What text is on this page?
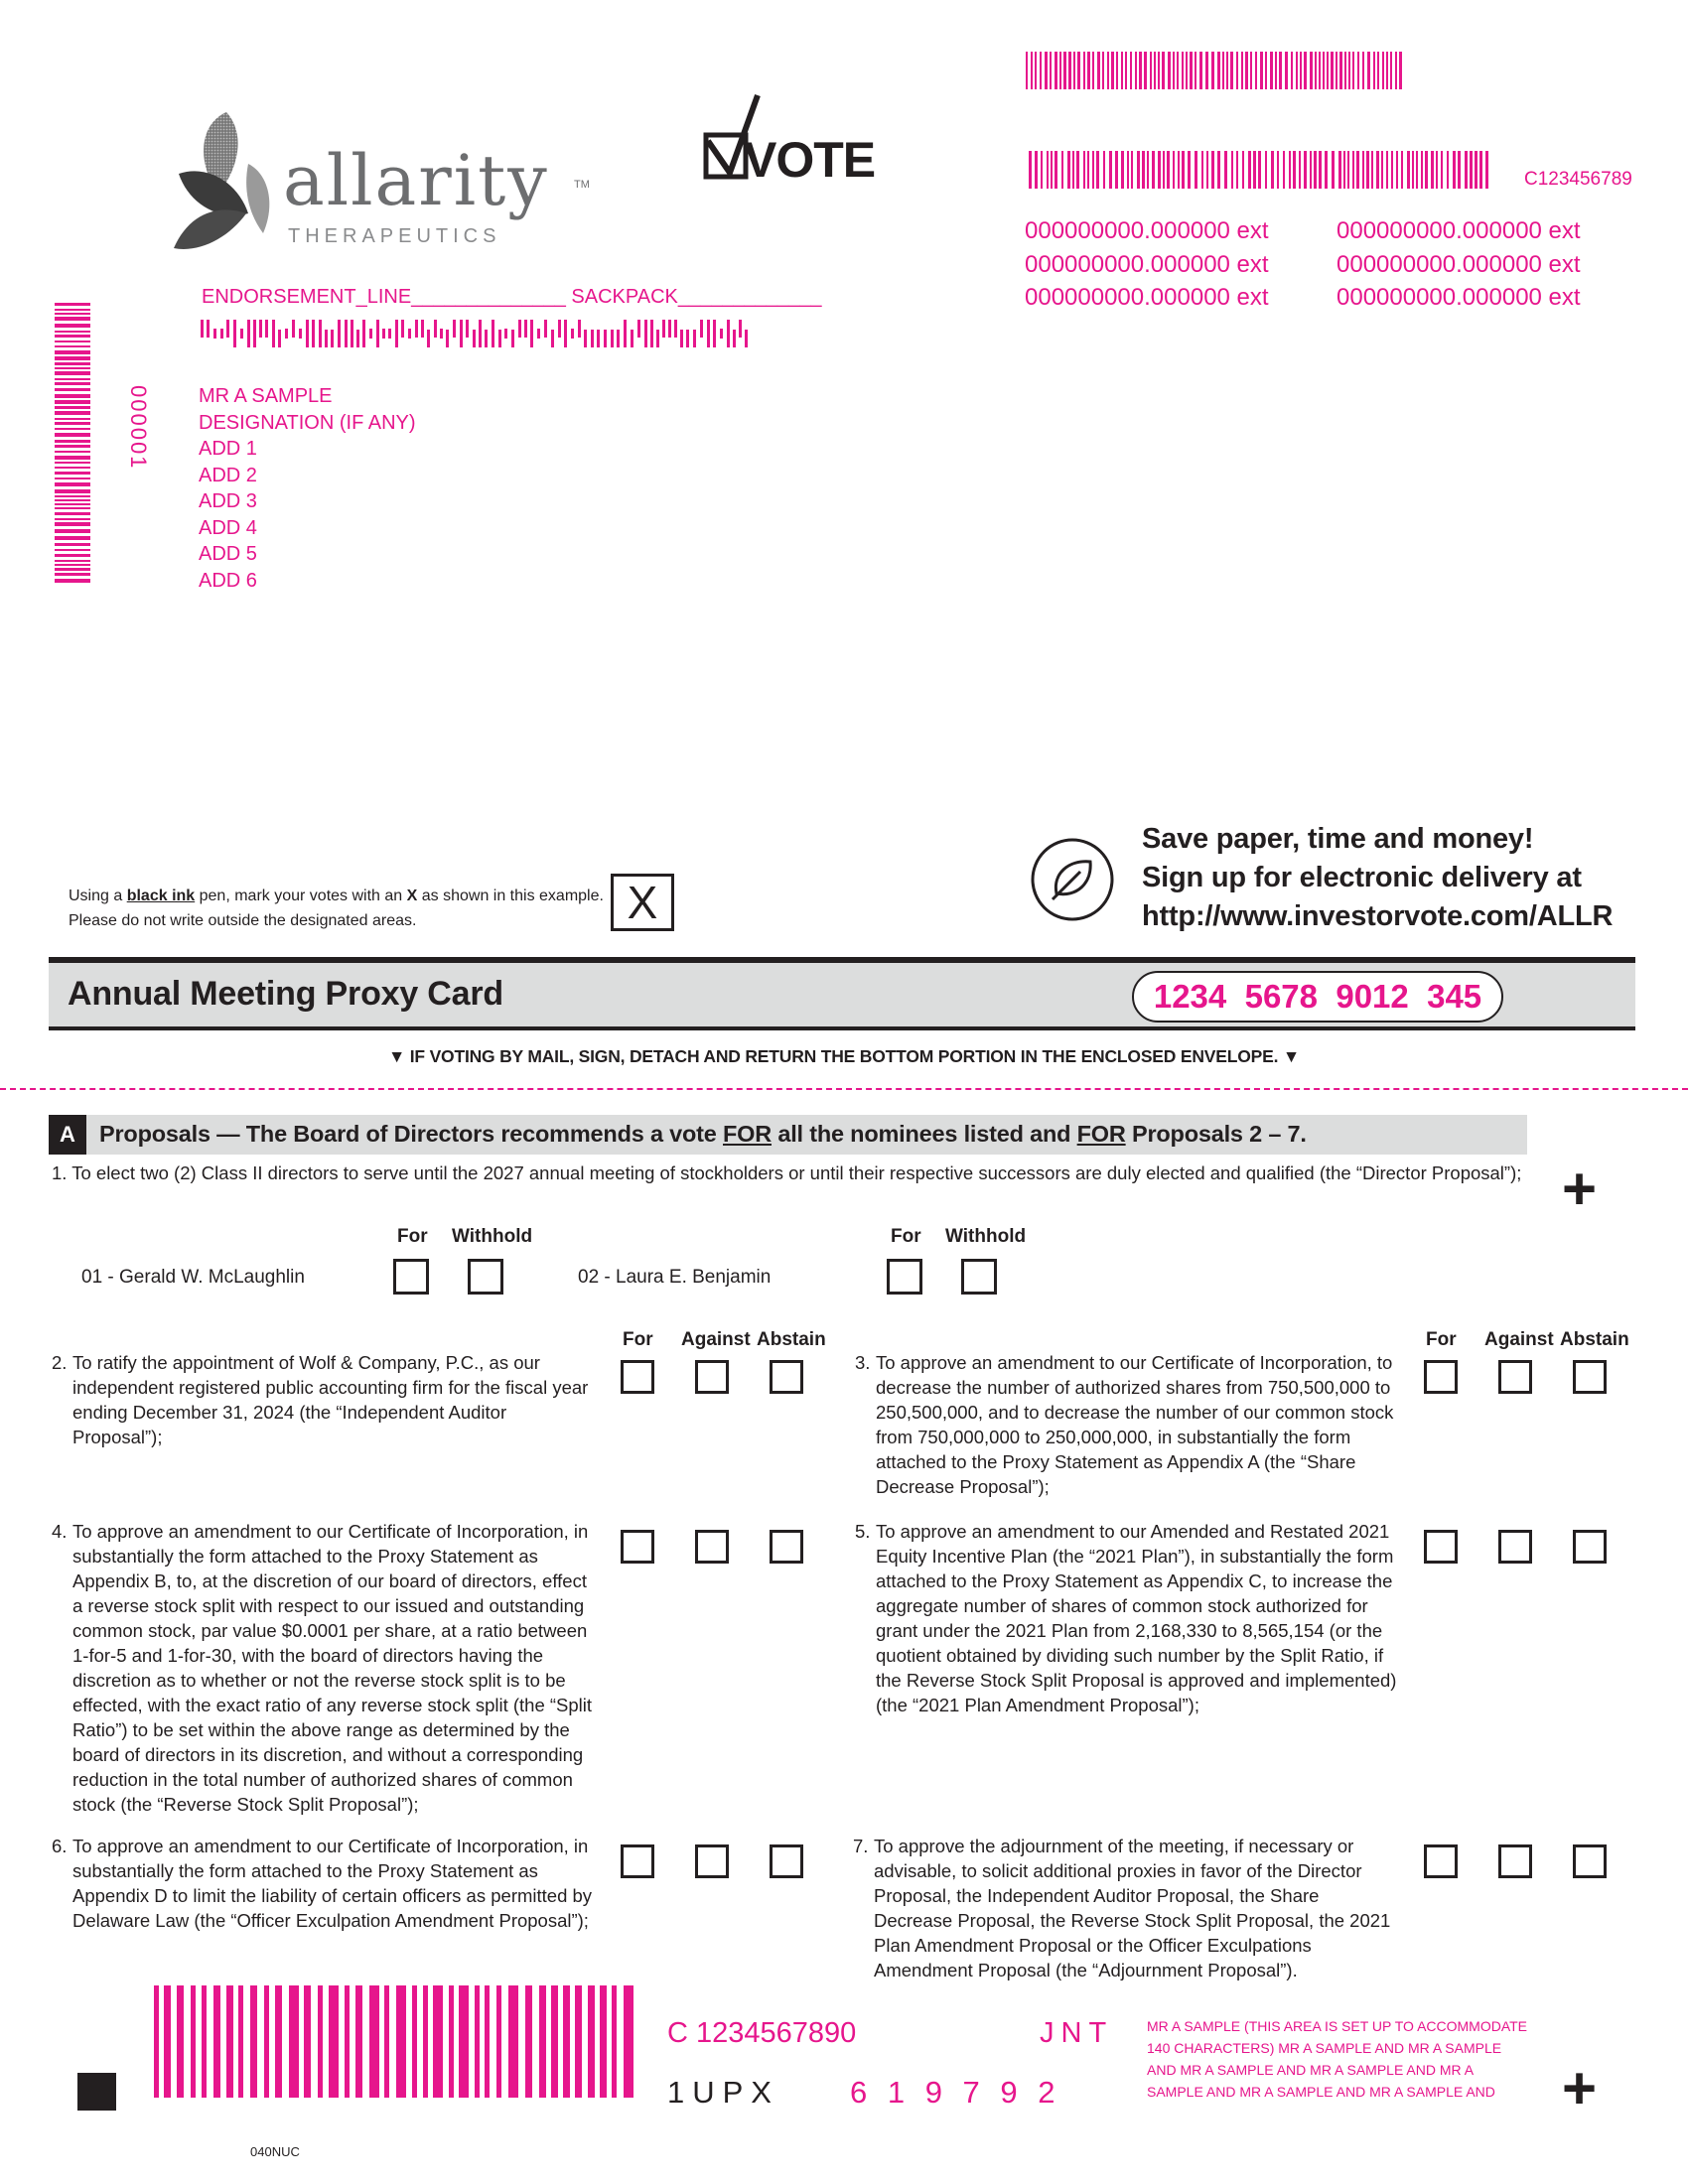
allarity TM
THERAPEUTICS
VOTE	C123456789
000000000.000000 ext
000000000.000000 ext
000000000.000000 ext
000000000.000000 ext
000000000.000000 ext
000000000.000000 ext
ENDORSEMENT_LINE______________ SACKPACK_____________
000001 MR A SAMPLE
DESIGNATION (IF ANY)
ADD 1
ADD 2
ADD 3
ADD 4
ADD 5
ADD 6
Using a black ink pen, mark your votes with an X as shown in this example.
Please do not write outside the designated areas.	X
Save paper, time and money!
Sign up for electronic delivery at
http://www.investorvote.com/ALLR
Annual Meeting Proxy Card	1234  5678  9012  345
▼ IF VOTING BY MAIL, SIGN, DETACH AND RETURN THE BOTTOM PORTION IN THE ENCLOSED ENVELOPE. ▼
A	Proposals — The Board of Directors recommends a vote FOR all the nominees listed and FOR Proposals 2 – 7.
+
1. To elect two (2) Class II directors to serve until the 2027 annual meeting of stockholders or until their respective successors are duly elected and qualified (the “Director Proposal”);
For Withhold	For Withhold
01 - Gerald W. McLaughlin	02 - Laura E. Benjamin
For Against Abstain	For Against Abstain
2. To ratify the appointment of Wolf & Company, P.C., as our independent registered public accounting firm for the fiscal year ending December 31, 2024 (the “Independent Auditor Proposal”);
3. To approve an amendment to our Certificate of Incorporation, to decrease the number of authorized shares from 750,500,000 to 250,500,000, and to decrease the number of our common stock from 750,000,000 to 250,000,000, in substantially the form attached to the Proxy Statement as Appendix A (the “Share Decrease Proposal”);
4. To approve an amendment to our Certificate of Incorporation, in substantially the form attached to the Proxy Statement as Appendix B, to, at the discretion of our board of directors, effect a reverse stock split with respect to our issued and outstanding common stock, par value $0.0001 per share, at a ratio between 1-for-5 and 1-for-30, with the board of directors having the discretion as to whether or not the reverse stock split is to be effected, with the exact ratio of any reverse stock split (the “Split Ratio”) to be set within the above range as determined by the board of directors in its discretion, and without a corresponding reduction in the total number of authorized shares of common stock (the “Reverse Stock Split Proposal”);
5. To approve an amendment to our Amended and Restated 2021 Equity Incentive Plan (the “2021 Plan”), in substantially the form attached to the Proxy Statement as Appendix C, to increase the aggregate number of shares of common stock authorized for grant under the 2021 Plan from 2,168,330 to 8,565,154 (or the quotient obtained by dividing such number by the Split Ratio, if the Reverse Stock Split Proposal is approved and implemented) (the “2021 Plan Amendment Proposal”);
6. To approve an amendment to our Certificate of Incorporation, in substantially the form attached to the Proxy Statement as Appendix D to limit the liability of certain officers as permitted by Delaware Law (the “Officer Exculpation Amendment Proposal”);
7. To approve the adjournment of the meeting, if necessary or advisable, to solicit additional proxies in favor of the Director Proposal, the Independent Auditor Proposal, the Share Decrease Proposal, the Reverse Stock Split Proposal, the 2021 Plan Amendment Proposal or the Officer Exculpations Amendment Proposal (the “Adjournment Proposal”).
C 1234567890	JNT
1UPX 6 1 9 7 9 2
MR A SAMPLE (THIS AREA IS SET UP TO ACCOMMODATE 140 CHARACTERS) MR A SAMPLE AND MR A SAMPLE AND MR A SAMPLE AND MR A SAMPLE AND MR A SAMPLE AND MR A SAMPLE AND MR A SAMPLE AND	+
040NUC
